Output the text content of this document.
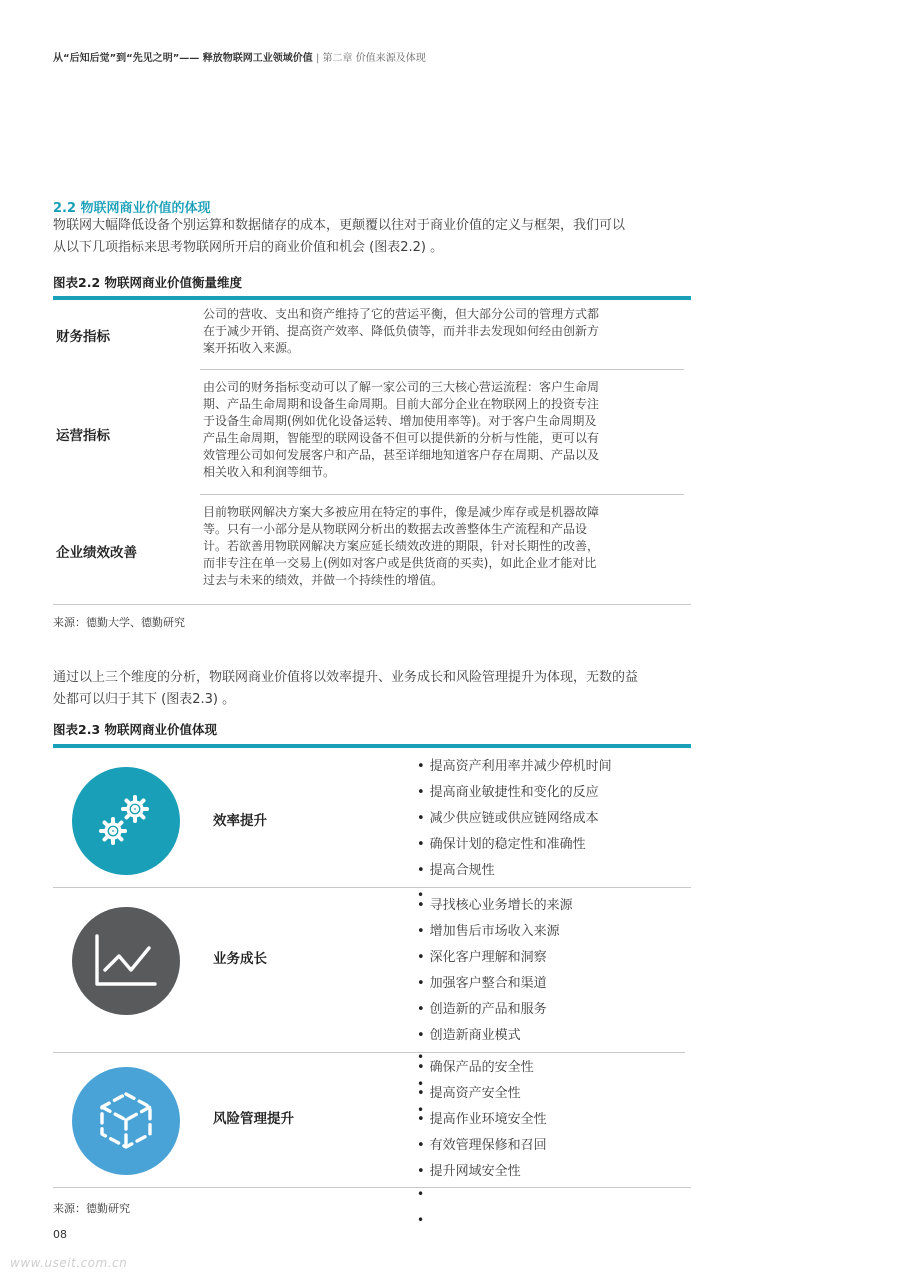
从“后知后觉”到“先见之明”—— 释放物联网工业领域价值 | 第二章 价值来源及体现
2.2 物联网商业价值的体现
物联网大幅降低设备个别运算和数据储存的成本，更颠覆以往对于商业价值的定义与框架，我们可以
从以下几项指标来思考物联网所开启的商业价值和机会 (图表2.2) 。
图表2.2 物联网商业价值衡量维度
财务指标
公司的营收、支出和资产维持了它的营运平衡，但大部分公司的管理方式都
在于减少开销、提高资产效率、降低负债等，而并非去发现如何经由创新方
案开拓收入来源。
运营指标
由公司的财务指标变动可以了解一家公司的三大核心营运流程：客户生命周
期、产品生命周期和设备生命周期。目前大部分企业在物联网上的投资专注
于设备生命周期(例如优化设备运转、增加使用率等)。对于客户生命周期及
产品生命周期，智能型的联网设备不但可以提供新的分析与性能，更可以有
效管理公司如何发展客户和产品，甚至详细地知道客户存在周期、产品以及
相关收入和利润等细节。
企业绩效改善
目前物联网解决方案大多被应用在特定的事件，像是减少库存或是机器故障
等。只有一小部分是从物联网分析出的数据去改善整体生产流程和产品设
计。若欲善用物联网解决方案应延长绩效改进的期限，针对长期性的改善，
而非专注在单一交易上(例如对客户或是供货商的买卖)，如此企业才能对比
过去与未来的绩效，并做一个持续性的增值。
来源：德勤大学、德勤研究
通过以上三个维度的分析，物联网商业价值将以效率提升、业务成长和风险管理提升为体现，无数的益
处都可以归于其下 (图表2.3) 。
图表2.3 物联网商业价值体现
效率提升
• 提高资产利用率并减少停机时间
• 提高商业敏捷性和变化的反应
• 减少供应链或供应链网络成本
• 确保计划的稳定性和准确性
• 提高合规性
•
业务成长
• 寻找核心业务增长的来源
• 增加售后市场收入来源
• 深化客户理解和洞察
• 加强客户整合和渠道
• 创造新的产品和服务
• 创造新商业模式
风险管理提升
• 确保产品的安全性
• 提高资产安全性
• 提高作业环境安全性
• 有效管理保修和召回
• 提升网域安全性
•
•
•
•
•
来源：德勤研究
08
www.useit.com.cn
